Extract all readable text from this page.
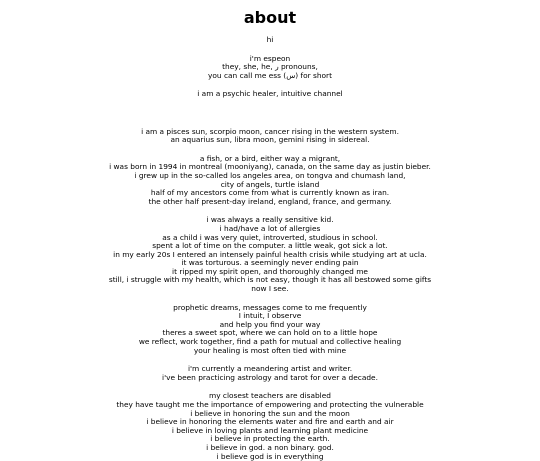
about
hi
i'm espeon
they, she, he, ر pronouns,
you can call me ess (س) for short
i am a psychic healer, intuitive channel

i am a pisces sun, scorpio moon, cancer rising in the western system.
an aquarius sun, libra moon, gemini rising in sidereal.
a fish, or a bird, either way a migrant,
i was born in 1994 in montreal (mooniyang), canada, on the same day as justin bieber.
i grew up in the so-called los angeles area, on tongva and chumash land,
city of angels, turtle island
half of my ancestors come from what is currently known as iran.
the other half present-day ireland, england, france, and germany.
i was always a really sensitive kid.
i had/have a lot of allergies
as a child i was very quiet, introverted, studious in school.
spent a lot of time on the computer. a little weak, got sick a lot.
in my early 20s I entered an intensely painful health crisis while studying art at ucla.
it was torturous. a seemingly never ending pain
it ripped my spirit open, and thoroughly changed me
still, i struggle with my health, which is not easy, though it has all bestowed some gifts
now I see.
prophetic dreams, messages come to me frequently
I intuit, I observe
and help you find your way
theres a sweet spot, where we can hold on to a little hope
we reflect, work together, find a path for mutual and collective healing
your healing is most often tied with mine
i'm currently a meandering artist and writer.
i've been practicing astrology and tarot for over a decade.
my closest teachers are disabled
they have taught me the importance of empowering and protecting the vulnerable
i believe in honoring the sun and the moon
i believe in honoring the elements water and fire and earth and air
i believe in loving plants and learning plant medicine
i believe in protecting the earth.
i believe in god. a non binary. god.
i believe god is in everything
